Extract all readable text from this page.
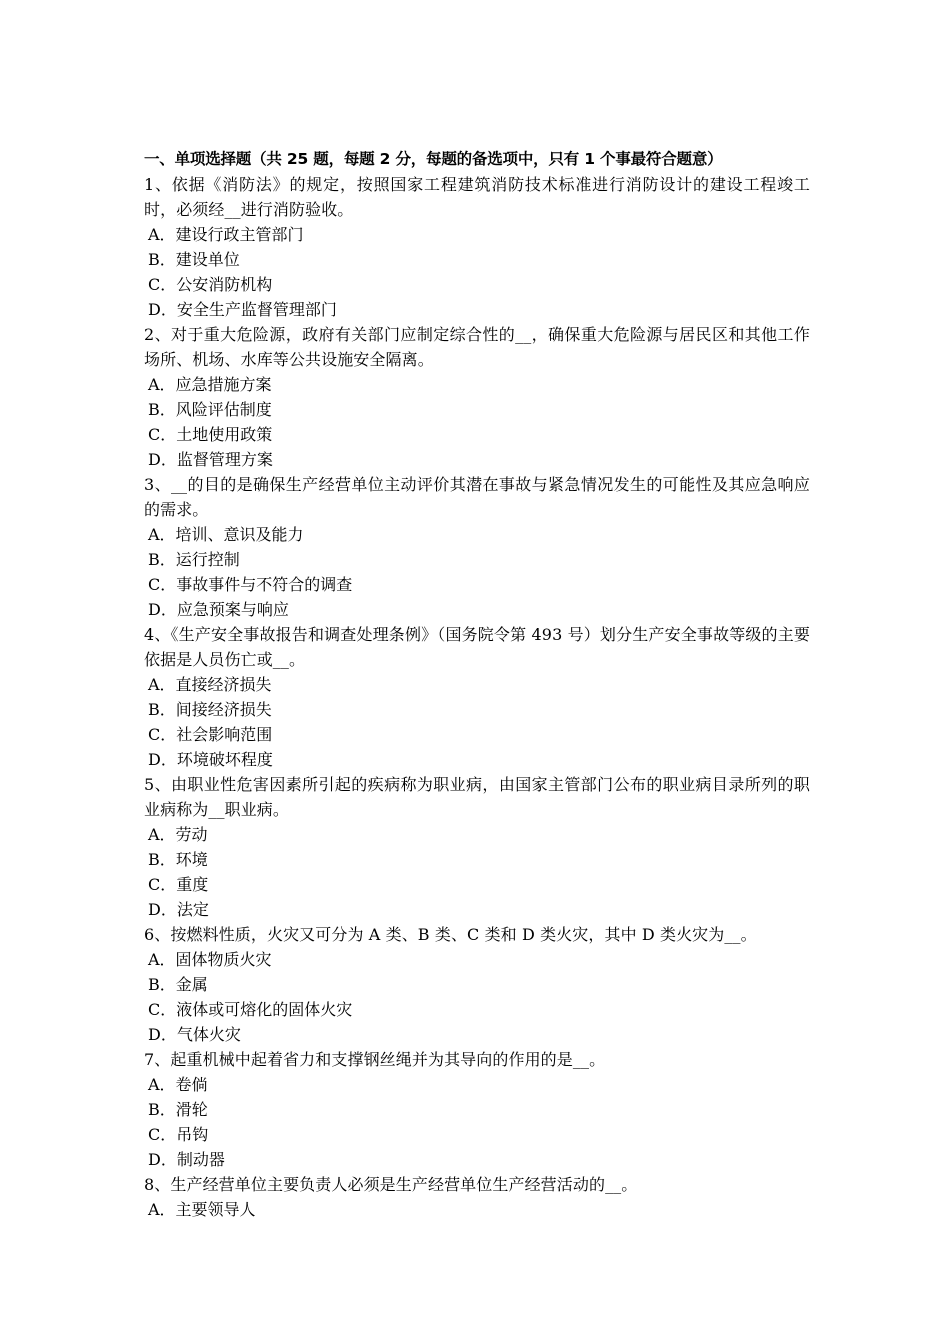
一、单项选择题（共 25 题，每题 2 分，每题的备选项中，只有 1 个事最符合题意）
1、依据《消防法》的规定，按照国家工程建筑消防技术标准进行消防设计的建设工程竣工时，必须经__进行消防验收。
A．建设行政主管部门
B．建设单位
C．公安消防机构
D．安全生产监督管理部门
2、对于重大危险源，政府有关部门应制定综合性的__，确保重大危险源与居民区和其他工作场所、机场、水库等公共设施安全隔离。
A．应急措施方案
B．风险评估制度
C．土地使用政策
D．监督管理方案
3、__的目的是确保生产经营单位主动评价其潜在事故与紧急情况发生的可能性及其应急响应的需求。
A．培训、意识及能力
B．运行控制
C．事故事件与不符合的调查
D．应急预案与响应
4、《生产安全事故报告和调查处理条例》（国务院令第 493 号）划分生产安全事故等级的主要依据是人员伤亡或__。
A．直接经济损失
B．间接经济损失
C．社会影响范围
D．环境破坏程度
5、由职业性危害因素所引起的疾病称为职业病，由国家主管部门公布的职业病目录所列的职业病称为__职业病。
A．劳动
B．环境
C．重度
D．法定
6、按燃料性质，火灾又可分为 A 类、B 类、C 类和 D 类火灾，其中 D 类火灾为__。
A．固体物质火灾
B．金属
C．液体或可熔化的固体火灾
D．气体火灾
7、起重机械中起着省力和支撑钢丝绳并为其导向的作用的是__。
A．卷倘
B．滑轮
C．吊钩
D．制动器
8、生产经营单位主要负责人必须是生产经营单位生产经营活动的__。
A．主要领导人
